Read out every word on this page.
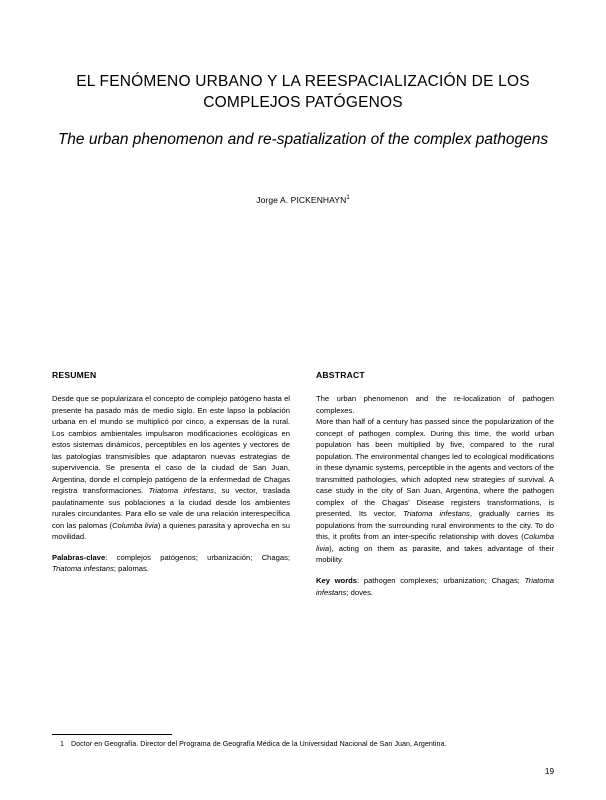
EL FENÓMENO URBANO Y LA REESPACIALIZACIÓN DE LOS COMPLEJOS PATÓGENOS
The urban phenomenon and re-spatialization of the complex pathogens
Jorge A. PICKENHAYN$^1$
RESUMEN

Desde que se popularizara el concepto de complejo patógeno hasta el presente ha pasado más de medio siglo. En este lapso la población urbana en el mundo se multiplicó por cinco, a expensas de la rural. Los cambios ambientales impulsaron modificaciones ecológicas en estos sistemas dinámicos, perceptibles en los agentes y vectores de las patologías transmisibles que adaptaron nuevas estrategias de supervivencia. Se presenta el caso de la ciudad de San Juan, Argentina, donde el complejo patógeno de la enfermedad de Chagas registra transformaciones. Triatoma infestans, su vector, traslada paulatinamente sus poblaciones a la ciudad desde los ambientes rurales circundantes. Para ello se vale de una relación interespecífica con las palomas (Columba livia) a quienes parasita y aprovecha en su movilidad.

Palabras-clave: complejos patógenos; urbanización; Chagas; Triatoma infestans; palomas.

ABSTRACT

The urban phenomenon and the re-localization of pathogen complexes.

More than half of a century has passed since the popularization of the concept of pathogen complex. During this time, the world urban population has been multiplied by five, compared to the rural population. The environmental changes led to ecological modifications in these dynamic systems, perceptible in the agents and vectors of the transmitted pathologies, which adopted new strategies of survival. A case study in the city of San Juan, Argentina, where the pathogen complex of the Chagas' Disease registers transformations, is presented. Its vector, Triatoma infestans, gradually carries its populations from the surrounding rural environments to the city. To do this, it profits from an inter-specific relationship with doves (Columba livia), acting on them as parasite, and takes advantage of their mobility.

Key words: pathogen complexes; urbanization; Chagas; Triatoma infestans; doves.

1 Doctor en Geografía. Director del Programa de Geografía Médica de la Universidad Nacional de San Juan, Argentina.
19
